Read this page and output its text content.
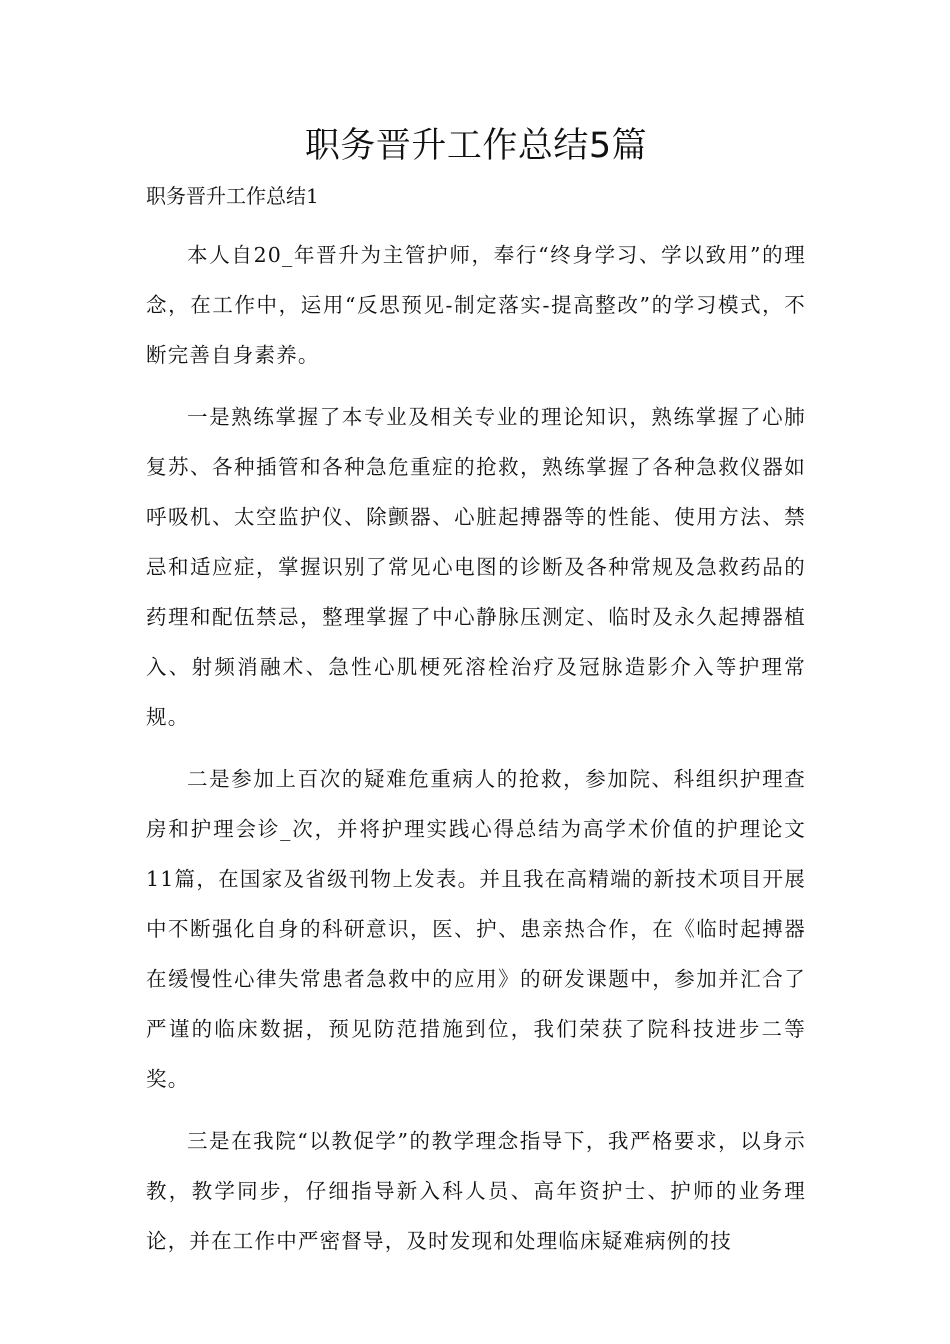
职务晋升工作总结5篇
职务晋升工作总结1

本人自20_年晋升为主管护师，奉行“终身学习、学以致用”的理念，在工作中，运用“反思预见-制定落实-提高整改”的学习模式，不断完善自身素养。

一是熟练掌握了本专业及相关专业的理论知识，熟练掌握了心肺复苏、各种插管和各种急危重症的抢救，熟练掌握了各种急救仪器如呼吸机、太空监护仪、除颤器、心脏起搏器等的性能、使用方法、禁忌和适应症，掌握识别了常见心电图的诊断及各种常规及急救药品的药理和配伍禁忌，整理掌握了中心静脉压测定、临时及永久起搏器植入、射频消融术、急性心肌梗死溶栓治疗及冠脉造影介入等护理常规。

二是参加上百次的疑难危重病人的抢救，参加院、科组织护理查房和护理会诊_次，并将护理实践心得总结为高学术价值的护理论文11篇，在国家及省级刊物上发表。并且我在高精端的新技术项目开展中不断强化自身的科研意识，医、护、患亲热合作，在《临时起搏器在缓慢性心律失常患者急救中的应用》的研发课题中，参加并汇合了严谨的临床数据，预见防范措施到位，我们荣获了院科技进步二等奖。

三是在我院“以教促学”的教学理念指导下，我严格要求，以身示教，教学同步，仔细指导新入科人员、高年资护士、护师的业务理论，并在工作中严密督导，及时发现和处理临床疑难病例的技
